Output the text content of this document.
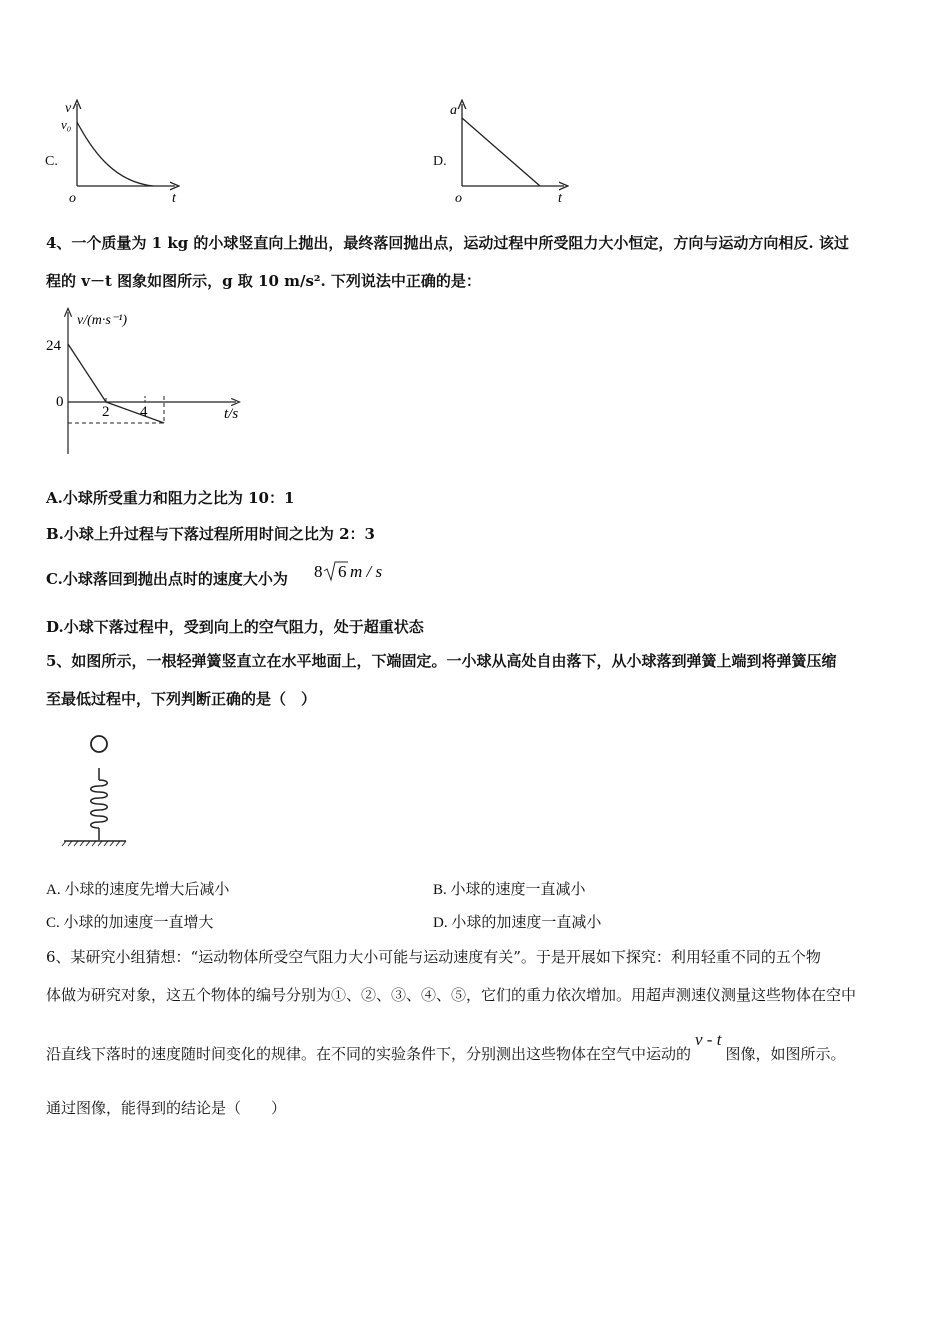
C.
v
v₀
o	t
D.
a
o	t
4、一个质量为 1 kg 的小球竖直向上抛出，最终落回抛出点，运动过程中所受阻力大小恒定，方向与运动方向相反. 该过
程的 v－t 图象如图所示，g 取 10 m/s². 下列说法中正确的是：
v/(m·s⁻¹)
24
0
2 4	t/s
A.小球所受重力和阻力之比为 10：1
B.小球上升过程与下落过程所用时间之比为 2：3
C.小球落回到抛出点时的速度大小为 8 6 m / s
D.小球下落过程中，受到向上的空气阻力，处于超重状态
5、如图所示，一根轻弹簧竖直立在水平地面上，下端固定。一小球从高处自由落下，从小球落到弹簧上端到将弹簧压缩
至最低过程中，下列判断正确的是（　）
A. 小球的速度先增大后减小	B. 小球的速度一直减小
C. 小球的加速度一直增大	D. 小球的加速度一直减小
6、某研究小组猜想：“运动物体所受空气阻力大小可能与运动速度有关”。于是开展如下探究：利用轻重不同的五个物
体做为研究对象，这五个物体的编号分别为①、②、③、④、⑤，它们的重力依次增加。用超声测速仪测量这些物体在空中
沿直线下落时的速度随时间变化的规律。在不同的实验条件下，分别测出这些物体在空气中运动的v - t图像，如图所示。
通过图像，能得到的结论是（　　）
